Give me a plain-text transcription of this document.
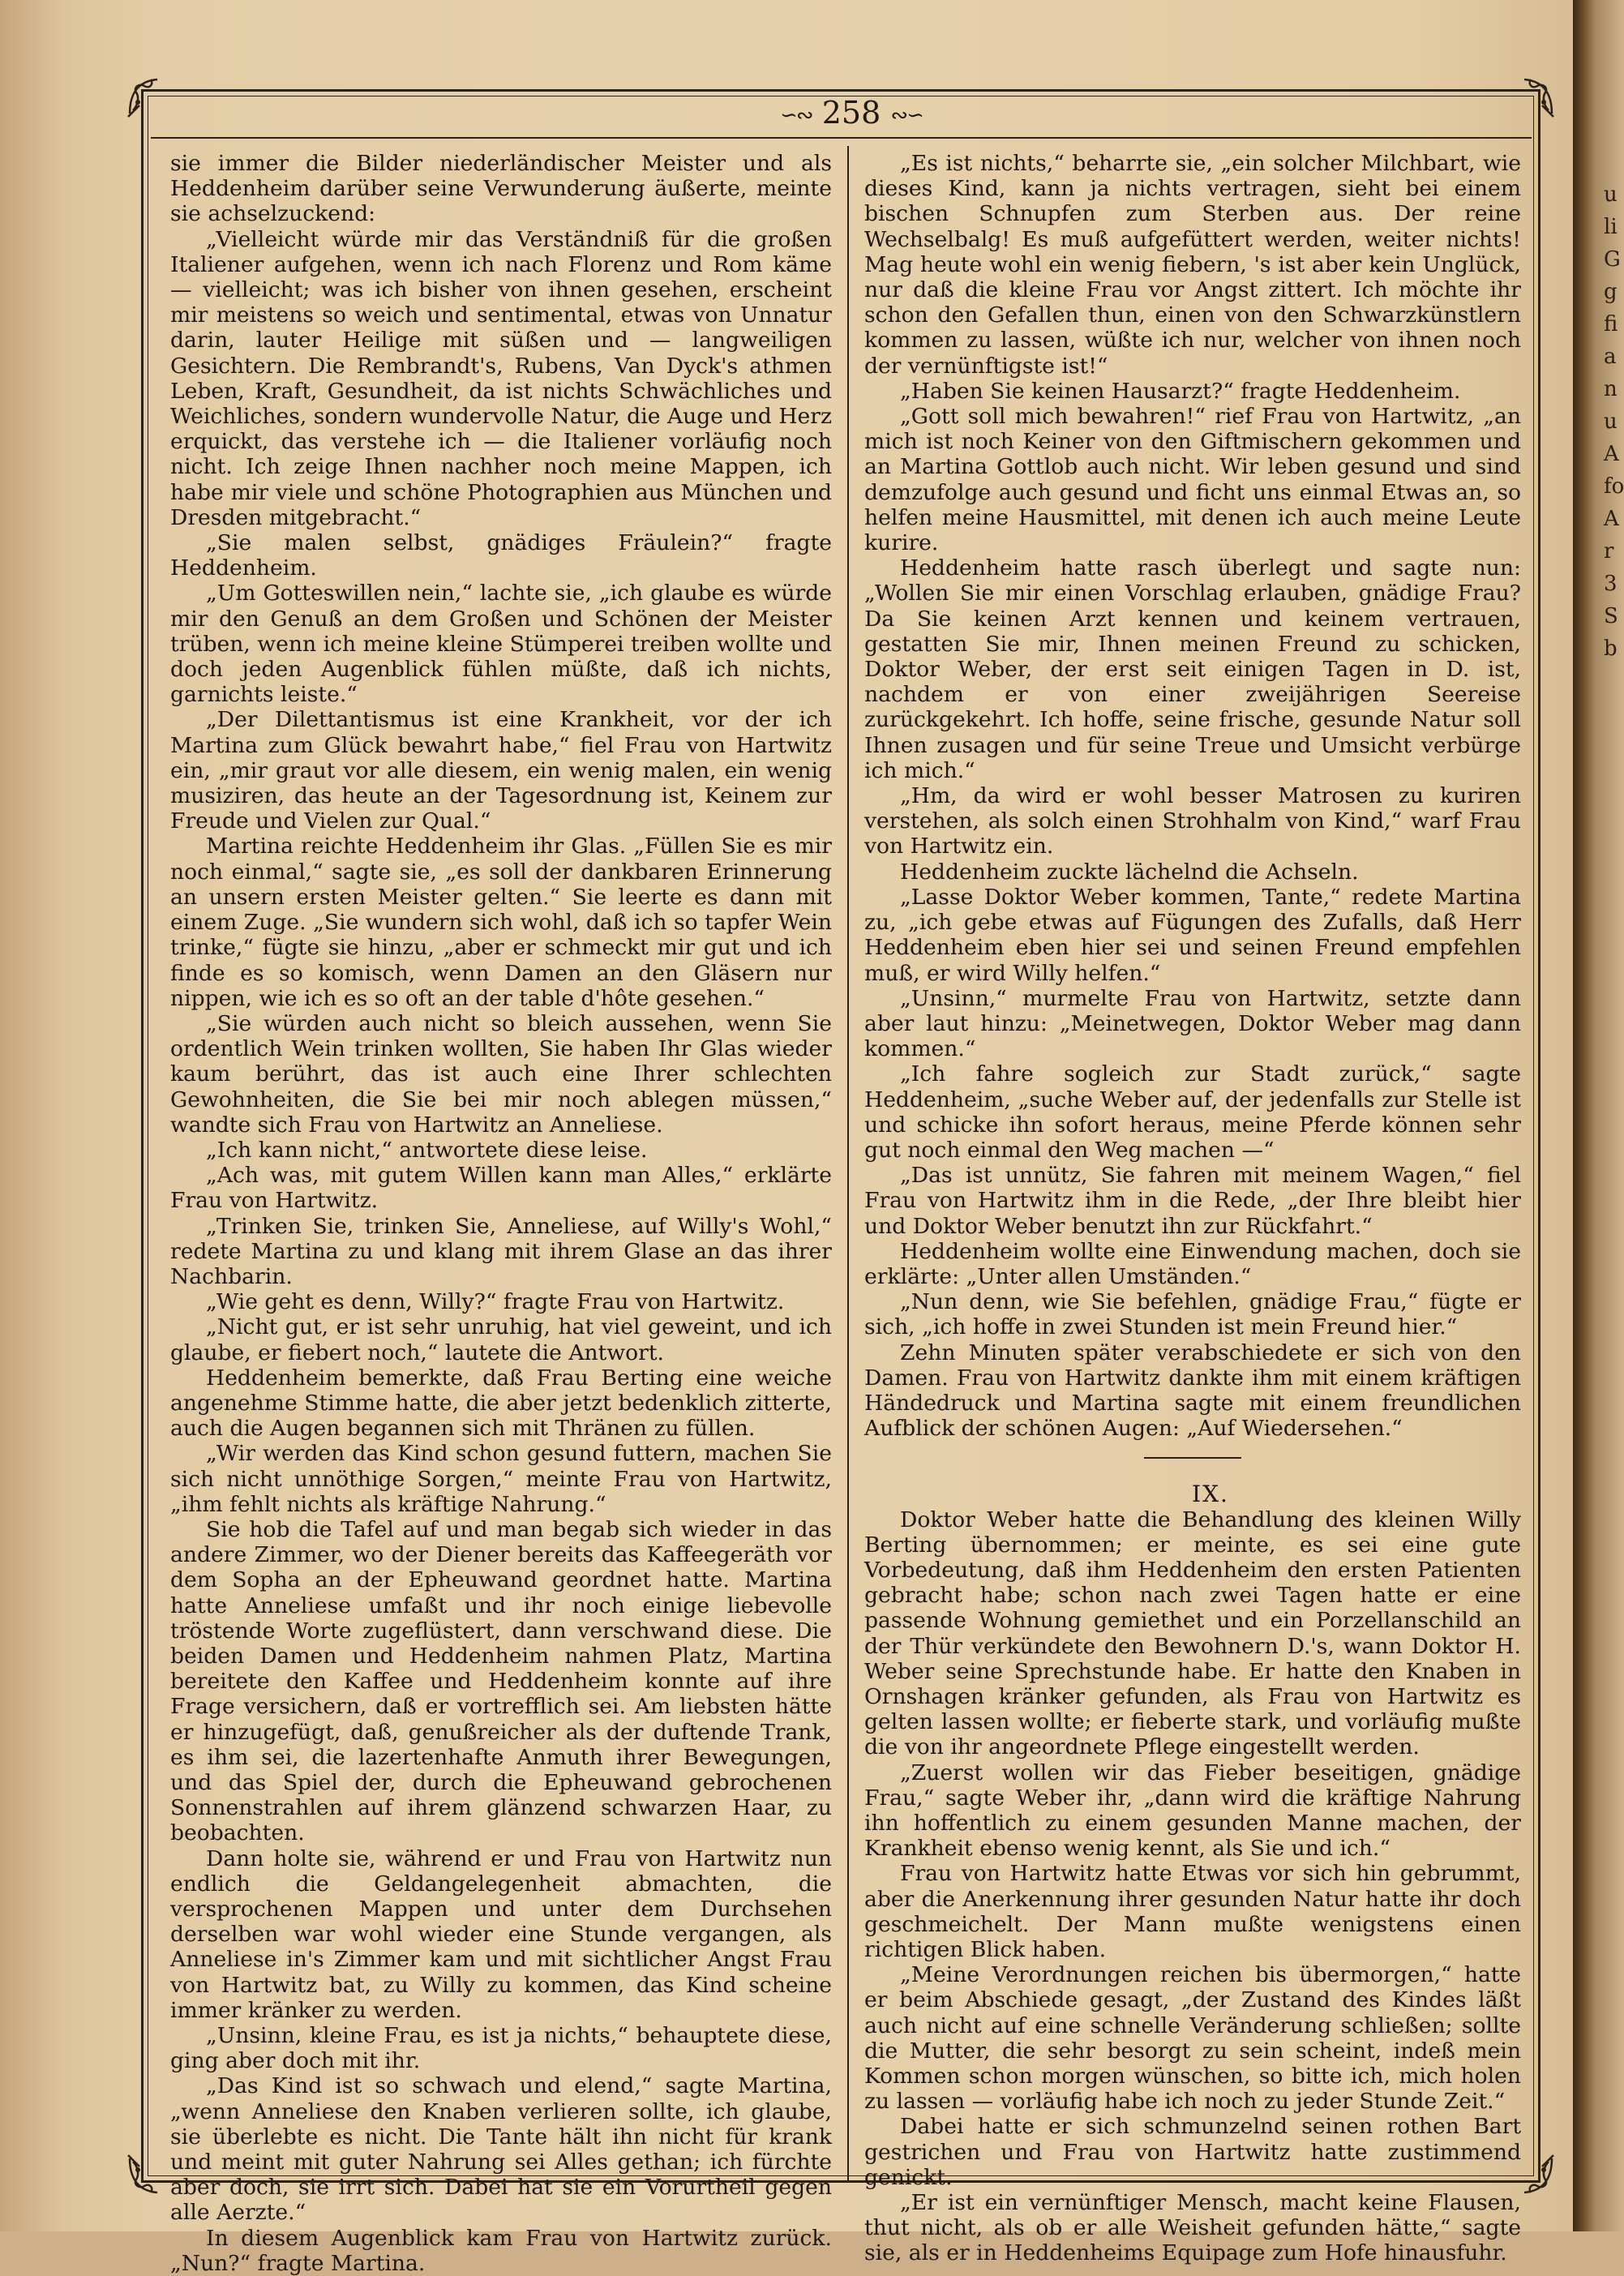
u
li
G
g
fi
a
n
u
A
fo
A
r
3
S
b
∽∾ 258 ∾∽

sie immer die Bilder niederländischer Meister und als Heddenheim darüber seine Verwunderung äußerte, meinte sie achselzuckend:

„Vielleicht würde mir das Verständniß für die großen Italiener aufgehen, wenn ich nach Florenz und Rom käme — vielleicht; was ich bisher von ihnen gesehen, erscheint mir meistens so weich und sentimental, etwas von Unnatur darin, lauter Heilige mit süßen und — langweiligen Gesichtern. Die Rembrandt's, Rubens, Van Dyck's athmen Leben, Kraft, Gesundheit, da ist nichts Schwächliches und Weichliches, sondern wundervolle Natur, die Auge und Herz erquickt, das verstehe ich — die Italiener vorläufig noch nicht. Ich zeige Ihnen nachher noch meine Mappen, ich habe mir viele und schöne Photographien aus München und Dresden mitgebracht.“

„Sie malen selbst, gnädiges Fräulein?“ fragte Heddenheim.

„Um Gotteswillen nein,“ lachte sie, „ich glaube es würde mir den Genuß an dem Großen und Schönen der Meister trüben, wenn ich meine kleine Stümperei treiben wollte und doch jeden Augenblick fühlen müßte, daß ich nichts, garnichts leiste.“

„Der Dilettantismus ist eine Krankheit, vor der ich Martina zum Glück bewahrt habe,“ fiel Frau von Hartwitz ein, „mir graut vor alle diesem, ein wenig malen, ein wenig musiziren, das heute an der Tagesordnung ist, Keinem zur Freude und Vielen zur Qual.“

Martina reichte Heddenheim ihr Glas. „Füllen Sie es mir noch einmal,“ sagte sie, „es soll der dankbaren Erinnerung an unsern ersten Meister gelten.“ Sie leerte es dann mit einem Zuge. „Sie wundern sich wohl, daß ich so tapfer Wein trinke,“ fügte sie hinzu, „aber er schmeckt mir gut und ich finde es so komisch, wenn Damen an den Gläsern nur nippen, wie ich es so oft an der table d'hôte gesehen.“

„Sie würden auch nicht so bleich aussehen, wenn Sie ordentlich Wein trinken wollten, Sie haben Ihr Glas wieder kaum berührt, das ist auch eine Ihrer schlechten Gewohnheiten, die Sie bei mir noch ablegen müssen,“ wandte sich Frau von Hartwitz an Anneliese.

„Ich kann nicht,“ antwortete diese leise.

„Ach was, mit gutem Willen kann man Alles,“ erklärte Frau von Hartwitz.

„Trinken Sie, trinken Sie, Anneliese, auf Willy's Wohl,“ redete Martina zu und klang mit ihrem Glase an das ihrer Nachbarin.

„Wie geht es denn, Willy?“ fragte Frau von Hartwitz.

„Nicht gut, er ist sehr unruhig, hat viel geweint, und ich glaube, er fiebert noch,“ lautete die Antwort.

Heddenheim bemerkte, daß Frau Berting eine weiche angenehme Stimme hatte, die aber jetzt bedenklich zitterte, auch die Augen begannen sich mit Thränen zu füllen.

„Wir werden das Kind schon gesund futtern, machen Sie sich nicht unnöthige Sorgen,“ meinte Frau von Hartwitz, „ihm fehlt nichts als kräftige Nahrung.“

Sie hob die Tafel auf und man begab sich wieder in das andere Zimmer, wo der Diener bereits das Kaffeegeräth vor dem Sopha an der Epheuwand geordnet hatte. Martina hatte Anneliese umfaßt und ihr noch einige liebevolle tröstende Worte zugeflüstert, dann verschwand diese. Die beiden Damen und Heddenheim nahmen Platz, Martina bereitete den Kaffee und Heddenheim konnte auf ihre Frage versichern, daß er vortrefflich sei. Am liebsten hätte er hinzugefügt, daß, genußreicher als der duftende Trank, es ihm sei, die lazertenhafte Anmuth ihrer Bewegungen, und das Spiel der, durch die Epheuwand gebrochenen Sonnenstrahlen auf ihrem glänzend schwarzen Haar, zu beobachten.

Dann holte sie, während er und Frau von Hartwitz nun endlich die Geldangelegenheit abmachten, die versprochenen Mappen und unter dem Durchsehen derselben war wohl wieder eine Stunde vergangen, als Anneliese in's Zimmer kam und mit sichtlicher Angst Frau von Hartwitz bat, zu Willy zu kommen, das Kind scheine immer kränker zu werden.

„Unsinn, kleine Frau, es ist ja nichts,“ behauptete diese, ging aber doch mit ihr.

„Das Kind ist so schwach und elend,“ sagte Martina, „wenn Anneliese den Knaben verlieren sollte, ich glaube, sie überlebte es nicht. Die Tante hält ihn nicht für krank und meint mit guter Nahrung sei Alles gethan; ich fürchte aber doch, sie irrt sich. Dabei hat sie ein Vorurtheil gegen alle Aerzte.“

In diesem Augenblick kam Frau von Hartwitz zurück. „Nun?“ fragte Martina.

„Es ist nichts,“ beharrte sie, „ein solcher Milchbart, wie dieses Kind, kann ja nichts vertragen, sieht bei einem bischen Schnupfen zum Sterben aus. Der reine Wechselbalg! Es muß aufgefüttert werden, weiter nichts! Mag heute wohl ein wenig fiebern, 's ist aber kein Unglück, nur daß die kleine Frau vor Angst zittert. Ich möchte ihr schon den Gefallen thun, einen von den Schwarzkünstlern kommen zu lassen, wüßte ich nur, welcher von ihnen noch der vernünftigste ist!“

„Haben Sie keinen Hausarzt?“ fragte Heddenheim.

„Gott soll mich bewahren!“ rief Frau von Hartwitz, „an mich ist noch Keiner von den Giftmischern gekommen und an Martina Gottlob auch nicht. Wir leben gesund und sind demzufolge auch gesund und ficht uns einmal Etwas an, so helfen meine Hausmittel, mit denen ich auch meine Leute kurire.

Heddenheim hatte rasch überlegt und sagte nun: „Wollen Sie mir einen Vorschlag erlauben, gnädige Frau? Da Sie keinen Arzt kennen und keinem vertrauen, gestatten Sie mir, Ihnen meinen Freund zu schicken, Doktor Weber, der erst seit einigen Tagen in D. ist, nachdem er von einer zweijährigen Seereise zurückgekehrt. Ich hoffe, seine frische, gesunde Natur soll Ihnen zusagen und für seine Treue und Umsicht verbürge ich mich.“

„Hm, da wird er wohl besser Matrosen zu kuriren verstehen, als solch einen Strohhalm von Kind,“ warf Frau von Hartwitz ein.

Heddenheim zuckte lächelnd die Achseln.

„Lasse Doktor Weber kommen, Tante,“ redete Martina zu, „ich gebe etwas auf Fügungen des Zufalls, daß Herr Heddenheim eben hier sei und seinen Freund empfehlen muß, er wird Willy helfen.“

„Unsinn,“ murmelte Frau von Hartwitz, setzte dann aber laut hinzu: „Meinetwegen, Doktor Weber mag dann kommen.“

„Ich fahre sogleich zur Stadt zurück,“ sagte Heddenheim, „suche Weber auf, der jedenfalls zur Stelle ist und schicke ihn sofort heraus, meine Pferde können sehr gut noch einmal den Weg machen —“

„Das ist unnütz, Sie fahren mit meinem Wagen,“ fiel Frau von Hartwitz ihm in die Rede, „der Ihre bleibt hier und Doktor Weber benutzt ihn zur Rückfahrt.“

Heddenheim wollte eine Einwendung machen, doch sie erklärte: „Unter allen Umständen.“

„Nun denn, wie Sie befehlen, gnädige Frau,“ fügte er sich, „ich hoffe in zwei Stunden ist mein Freund hier.“

Zehn Minuten später verabschiedete er sich von den Damen. Frau von Hartwitz dankte ihm mit einem kräftigen Händedruck und Martina sagte mit einem freundlichen Aufblick der schönen Augen: „Auf Wiedersehen.“

IX.

Doktor Weber hatte die Behandlung des kleinen Willy Berting übernommen; er meinte, es sei eine gute Vorbedeutung, daß ihm Heddenheim den ersten Patienten gebracht habe; schon nach zwei Tagen hatte er eine passende Wohnung gemiethet und ein Porzellanschild an der Thür verkündete den Bewohnern D.'s, wann Doktor H. Weber seine Sprechstunde habe. Er hatte den Knaben in Ornshagen kränker gefunden, als Frau von Hartwitz es gelten lassen wollte; er fieberte stark, und vorläufig mußte die von ihr angeordnete Pflege eingestellt werden.

„Zuerst wollen wir das Fieber beseitigen, gnädige Frau,“ sagte Weber ihr, „dann wird die kräftige Nahrung ihn hoffentlich zu einem gesunden Manne machen, der Krankheit ebenso wenig kennt, als Sie und ich.“

Frau von Hartwitz hatte Etwas vor sich hin gebrummt, aber die Anerkennung ihrer gesunden Natur hatte ihr doch geschmeichelt. Der Mann mußte wenigstens einen richtigen Blick haben.

„Meine Verordnungen reichen bis übermorgen,“ hatte er beim Abschiede gesagt, „der Zustand des Kindes läßt auch nicht auf eine schnelle Veränderung schließen; sollte die Mutter, die sehr besorgt zu sein scheint, indeß mein Kommen schon morgen wünschen, so bitte ich, mich holen zu lassen — vorläufig habe ich noch zu jeder Stunde Zeit.“

Dabei hatte er sich schmunzelnd seinen rothen Bart gestrichen und Frau von Hartwitz hatte zustimmend genickt.

„Er ist ein vernünftiger Mensch, macht keine Flausen, thut nicht, als ob er alle Weisheit gefunden hätte,“ sagte sie, als er in Heddenheims Equipage zum Hofe hinausfuhr.
